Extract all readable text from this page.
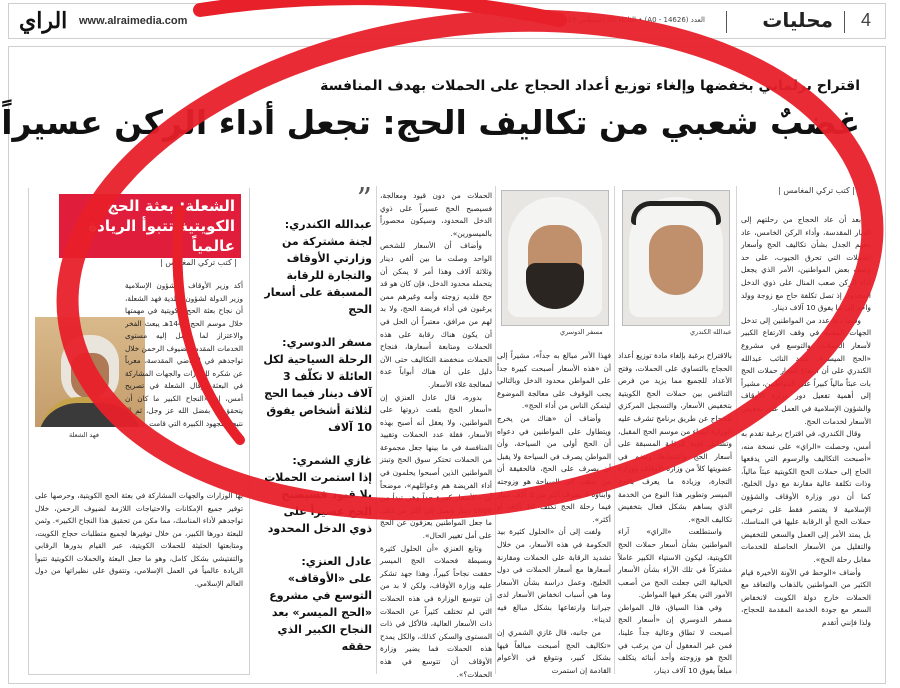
الراي www.alraimedia.com	العدد (14626 - A0) • الثلاثاء 20 أغسطس 2019	محليات 4
اقتراح برلماني بخفضها وإلغاء توزيع أعداد الحجاج على الحملات بهدف المنافسة
غضبٌ شعبي من تكاليف الحج: تجعل أداء الركن عسيراً
الشعلة: بعثة الحج الكويتية تتبوأ الريادة عالمياً
| كتب تركي المغامس |
فهد الشعلة
أكد وزير الأوقاف والشؤون الإسلامية وزير الدولة لشؤون البلدية فهد الشعلة، أن نجاح بعثة الحج الكويتية في مهمتها خلال موسم الحج 1440هـ يبعث الفخر والاعتزاز لما وصل إليه مستوى الخدمات المقدمة لضيوف الرحمن خلال تواجدهم في الأراضي المقدسة، معرباً عن شكره للوزارات والجهات المشاركة في البعثة. وقال الشعلة في تصريح أمس، إن «النجاح الكبير ما كان أن يتحقق إلا بفضل الله عز وجل، ثم إلا نتيجة للجهود الكبيرة التي قامت
بها الوزارات والجهات المشاركة في بعثة الحج الكويتية، وحرصها على توفير جميع الإمكانات والاحتياجات اللازمة لضيوف الرحمن، خلال تواجدهم لأداء المناسك، مما مكن من تحقيق هذا النجاح الكبير». وثمن للبعثة دورها الكبير، من خلال توفيرها لجميع متطلبات حجاج الكويت، ومتابعتها الحثيثة للحملات الكويتية، عبر القيام بدورها الرقابي والتفتيشي بشكل كامل، وهو ما جعل البعثة والحملات الكويتية تتبوأ الريادة عالمياً في العمل الإسلامي، وتتفوق على نظيراتها من دول العالم الإسلامي.
”
عبدالله الكندري:
لجنة مشتركة من وزارتي الأوقاف والتجارة للرقابة المسبقة على أسعار الحج
مسفر الدوسري:
الرحلة السياحية لكل العائلة لا تكلّف 3 آلاف دينار فيما الحج لثلاثة أشخاص يفوق 10 آلاف
غازي الشمري:
إذا استمرت الحملات بلا قيود فسيصبح الحج عسيراً على ذوي الدخل المحدود
عادل العنزي:
على «الأوقاف» التوسع في مشروع «الحج الميسر» بعد النجاح الكبير الذي حققه

الحملات من دون قيود ومعالجة، فسيصبح الحج عسيراً على ذوي الدخل المحدود، وسيكون محصوراً بالميسورين».

وأضاف أن الأسعار للشخص الواحد وصلت ما بين ألفي دينار وثلاثة آلاف وهذا أمر لا يمكن أن يتحمله محدود الدخل، فإن كان هو قد حج فلديه زوجته وأمه وغيرهم ممن يرغبون في أداء فريضة الحج، ولا بد لهم من مرافق، معتبراً أن الحل في أن يكون هناك رقابة على هذه الحملات ومتابعة أسعارها، فنجاح الحملات منخفضة التكاليف حتى الآن دليل على أن هناك أبواباً عدة لمعالجة غلاء الأسعار.

بدوره، قال عادل العنزي إن «أسعار الحج بلغت ذروتها على المواطنين، ولا يعقل أنه أصبح بهذه الأسعار، فقلة عدد الحملات وتقييد المنافسة في ما بينها جعل مجموعة من الحملات تحتكر سوق الحج وتبتز المواطنين الذين أصبحوا يحلمون في أداء الفريضة هم وعوائلهم»، موضحاً أن «الأسعار كبيرة جداً وهي تبدأ من 1800 دينار وتصل إلى أكثر من ذلك، ما جعل المواطنين يعزفون عن الحج على أمل تغيير الحال».

وتابع العنزي «أن الحلول كثيرة وبسيطة فحملات الحج الميسر حققت نجاحاً كبيراً، وهذا جهد تشكر عليه وزارة الأوقاف، ولكن لا بد من أن تتوسع الوزارة في هذه الحملات التي لم تختلف كثيراً عن الحملات ذات الأسعار العالية، فالأكل في ذات المستوى والسكن كذلك، والكل يمدح هذه الحملات فما يضير وزارة الأوقاف أن تتوسع في هذه الحملات؟».

مسفر الدوسري	عبدالله الكندري

فهذا الأمر مبالغ به جداً»، مشيراً إلى أن «هذه الأسعار أصبحت كبيرة جداً على المواطن محدود الدخل وبالتالي يجب الوقوف على معالجة الموضوع ليتمكن الناس من أداء الحج».

وأضاف أن «هناك من يخرج ويتطاول على المواطنين في دعواه أن الحج أولى من السياحة، وأن المواطن يصرف في السياحة ولا يقبل أن يصرف على الحج، فالحقيقة أن من يذهب إلى السياحة هو وزوجته وأبناؤه لا يصرف أكثر من 3 آلاف دينار فيما رحلة الحج تكلف 10 آلاف أو أكثر».

ولفت إلى أن «الحلول كثيرة بيد الحكومة في هذه الأسعار، من خلال تشديد الرقابة على الحملات ومقارنة أسعارها مع أسعار الحملات في دول الخليج، وعمل دراسة بشأن الأسعار وما هي أسباب انخفاض الأسعار لدى جيراننا وارتفاعها بشكل مبالغ فيه لدينا».

من جانبه، قال غازي الشمري إن «تكاليف الحج أصبحت مبالغاً فيها بشكل كبير، ونتوقع في الأعوام القادمة إن استمرت

بالاقتراح برغبة بإلغاء مادة توزيع أعداد الحجاج بالتساوي على الحملات، وفتح الأعداد للجميع مما يزيد من فرص التنافس بين حملات الحج الكويتية بتخفيض الأسعار، والتسجيل المركزي للحجاج عن طريق برنامج تشرف عليه الوزارة ابتداء من موسم الحج المقبل، وتشكيل لجنة للرقابة المسبقة على أسعار الحج واعتمادها وتضم في عضويتها كلاً من وزارة الأوقاف ووزارة التجارة، وزيادة ما يعرف بالحج الميسر وتطوير هذا النوع من الخدمة الذي يساهم بشكل فعال بتخفيض تكاليف الحج».

واستطلعت «الراي» آراء المواطنين بشأن أسعار حملات الحج الكويتية، ليكون الاستياء الكبير عاملاً مشتركاً في تلك الآراء بشأن الأسعار الخيالية التي جعلت الحج من أصعب الأمور التي يفكر فيها المواطن.

وفي هذا السياق، قال المواطن مسفر الدوسري إن «أسعار الحج أصبحت لا تطاق وعالية جداً علينا، فمن غير المعقول أن من يرغب في الحج هو وزوجته وأحد أبنائه يتكلف مبلغاً يفوق 10 آلاف دينار،

| كتب تركي المغامس |

بعد أن عاد الحجاج من رحلتهم إلى الديار المقدسة، وأداء الركن الخامس، عاد معهم الجدل بشأن تكاليف الحج وأسعار الحملات التي تحرق الجيوب، على حد وصف بعض المواطنين، الأمر الذي يجعل أداء الركن صعب المنال على ذوي الدخل المحدود، إذ تصل تكلفة حاج مع زوجة وولد واحد إلى ما يفوق 10 آلاف دينار.

وفيما دعا عدد من المواطنين إلى تدخل الجهات المعنية في وقف الارتفاع الكبير لأسعار الحملات، والتوسع في مشروع «الحج الميسر»، شدد النائب عبدالله الكندري على أن ارتفاع أسعار حملات الحج بات عبئاً مالياً كبيراً على المواطنين، مشيراً إلى أهمية تفعيل دور وزارة الأوقاف والشؤون الإسلامية في العمل على تخفيض الأسعار لخدمات الحج.

وقال الكندري، في اقتراح برغبة تقدم به أمس، وحصلت «الراي» على نسخة منه، «أصبحت التكاليف والرسوم التي يدفعها الحاج إلى حملات الحج الكويتية عبئاً مالياً، وذات تكلفة عالية مقارنة مع دول الخليج، كما أن دور وزارة الأوقاف والشؤون الإسلامية لا يقتصر فقط على ترخيص حملات الحج أو الرقابة عليها في المناسك، بل يمتد الأمر إلى العمل والسعي للتخفيض والتقليل من الأسعار الحاصلة للخدمات مقابل رحلة الحج».

وأضاف «الوحظ في الآونة الأخيرة قيام الكثير من المواطنين بالذهاب والتعاقد مع الحملات خارج دولة الكويت لانخفاض السعر مع جودة الخدمة المقدمة للحجاج، ولذا فإنني أتقدم
